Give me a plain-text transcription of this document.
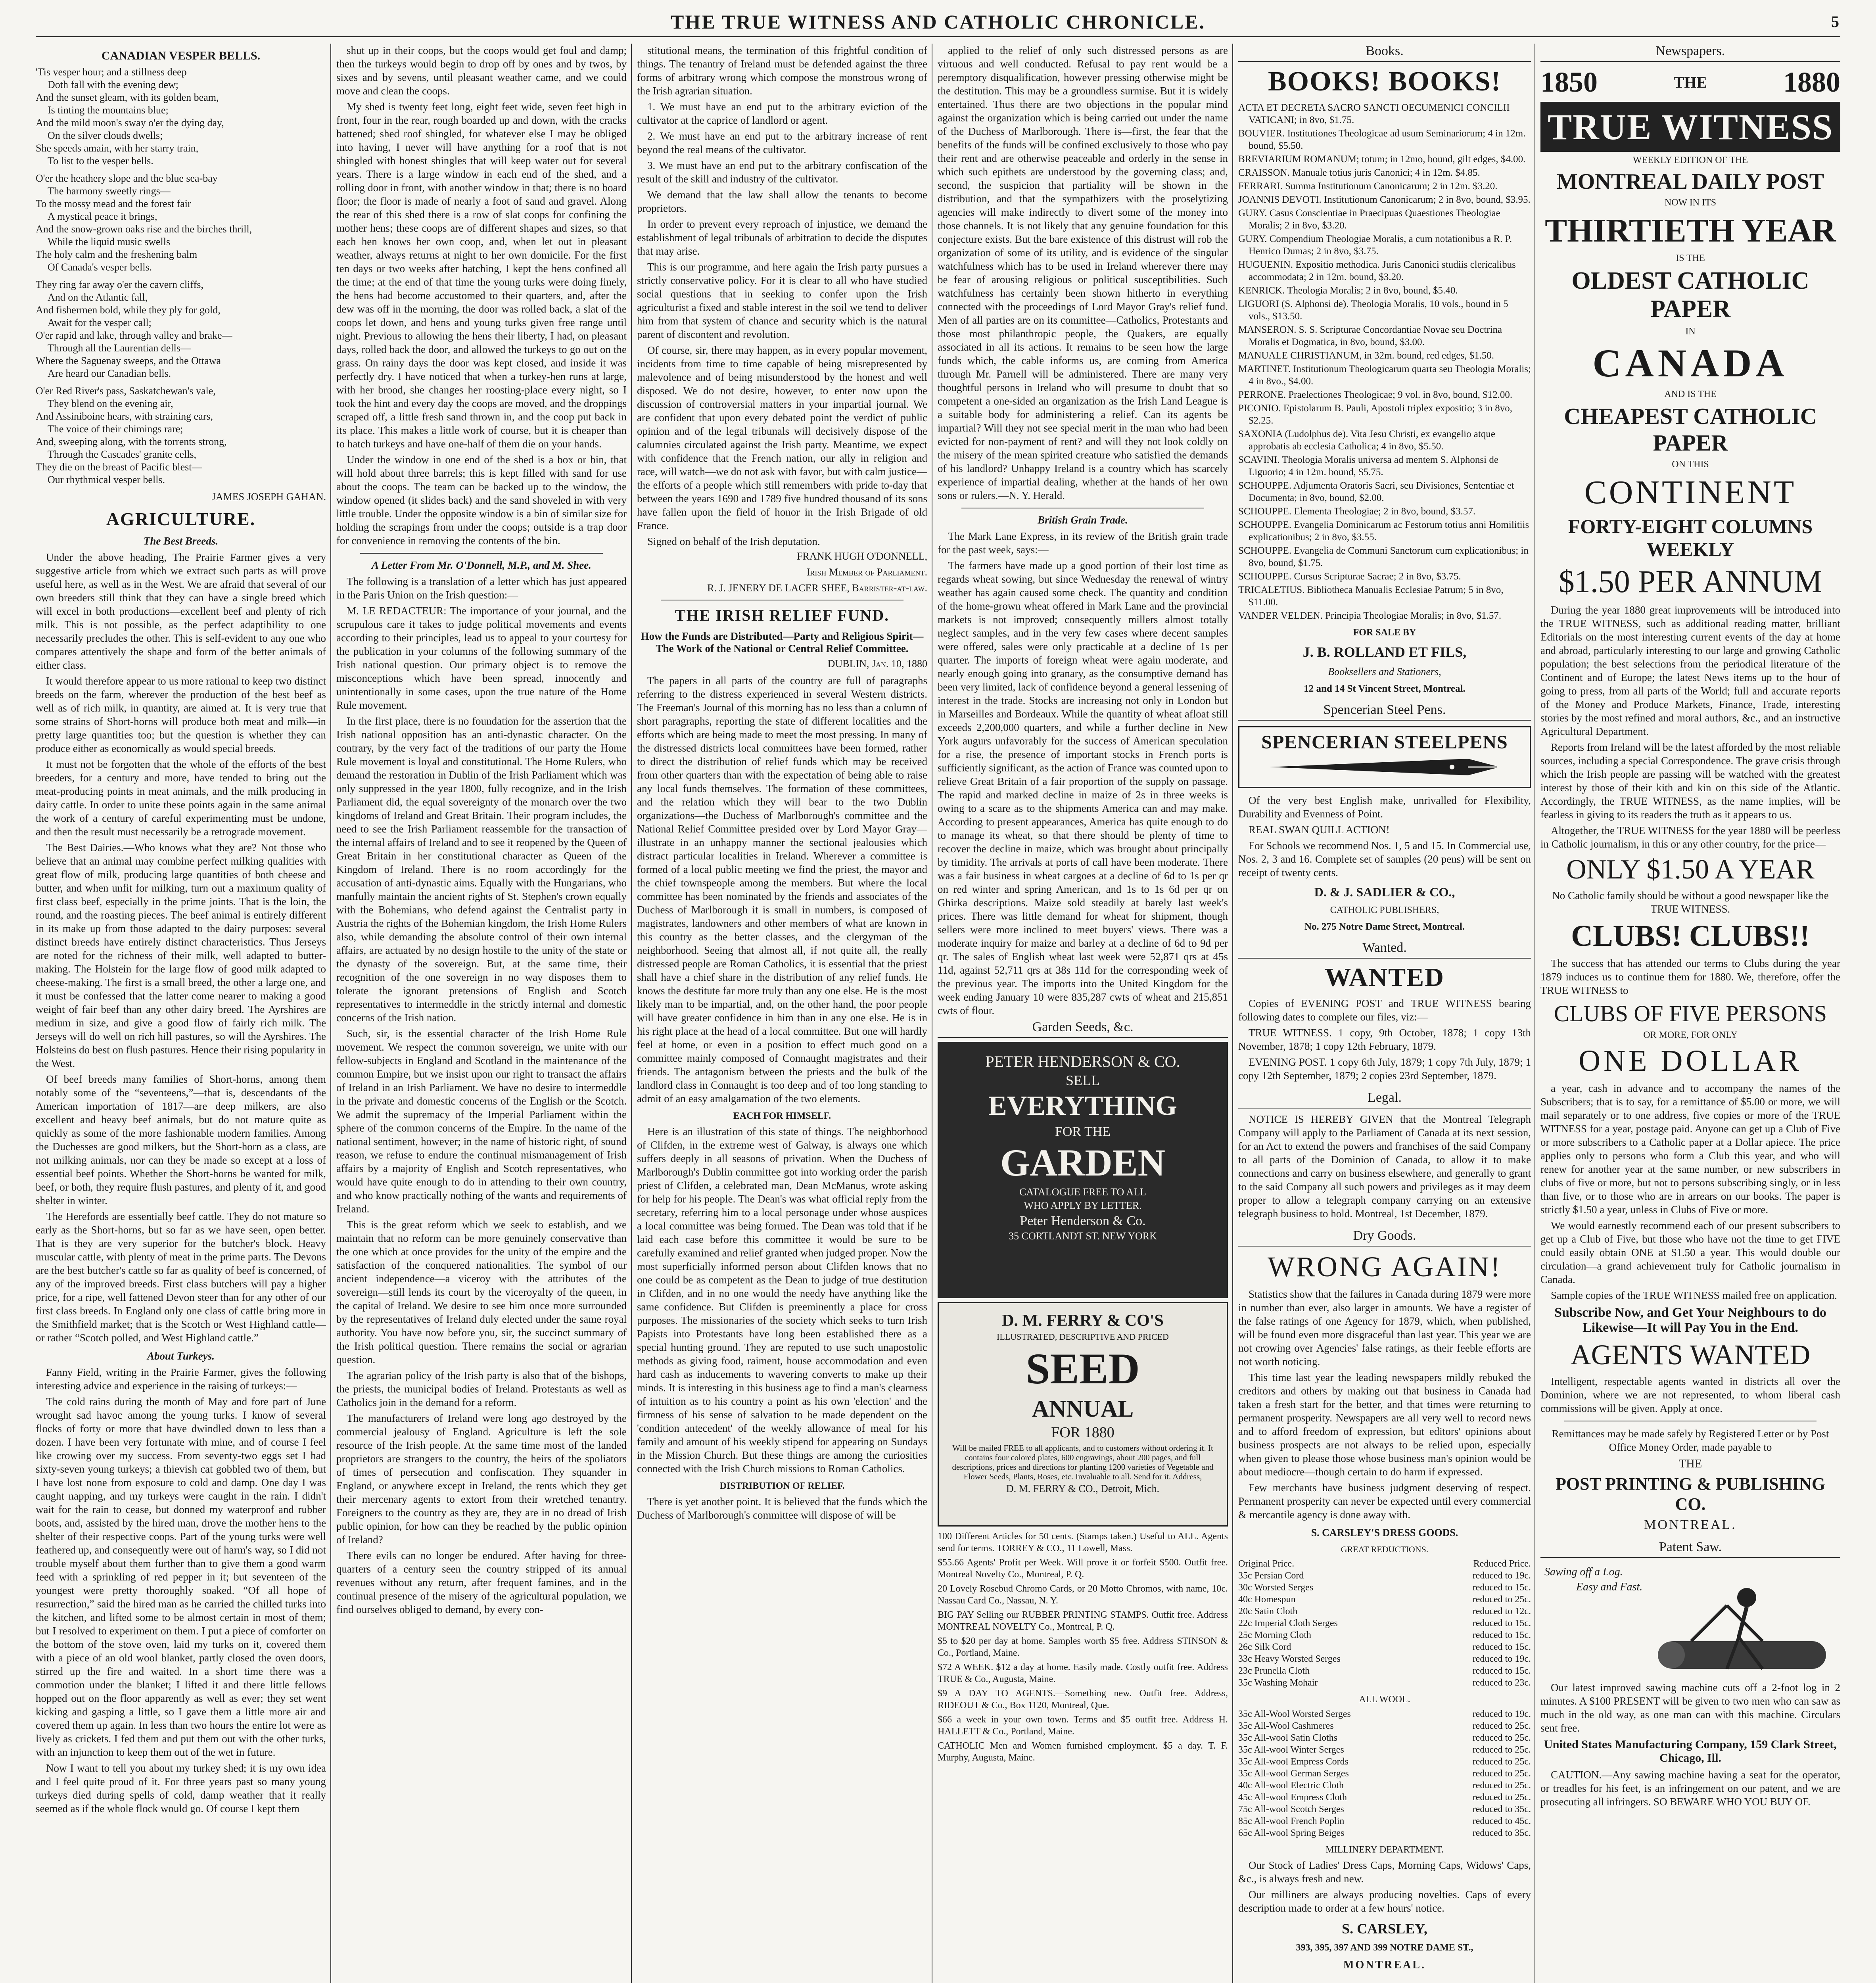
THE TRUE WITNESS AND CATHOLIC CHRONICLE.	5
CANADIAN VESPER BELLS.

'Tis vesper hour; and a stillness deep

Doth fall with the evening dew;

And the sunset gleam, with its golden beam,

Is tinting the mountains blue;

And the mild moon's sway o'er the dying day,

On the silver clouds dwells;

She speeds amain, with her starry train,

To list to the vesper bells.

O'er the heathery slope and the blue sea-bay

The harmony sweetly rings—

To the mossy mead and the forest fair

A mystical peace it brings,

And the snow-grown oaks rise and the birches thrill,

While the liquid music swells

The holy calm and the freshening balm

Of Canada's vesper bells.

They ring far away o'er the cavern cliffs,

And on the Atlantic fall,

And fishermen bold, while they ply for gold,

Await for the vesper call;

O'er rapid and lake, through valley and brake—

Through all the Laurentian dells—

Where the Saguenay sweeps, and the Ottawa

Are heard our Canadian bells.

O'er Red River's pass, Saskatchewan's vale,

They blend on the evening air,

And Assiniboine hears, with straining ears,

The voice of their chimings rare;

And, sweeping along, with the torrents strong,

Through the Cascades' granite cells,

They die on the breast of Pacific blest—

Our rhythmical vesper bells.

JAMES JOSEPH GAHAN.
AGRICULTURE.
The Best Breeds.

Under the above heading, The Prairie Farmer gives a very suggestive article from which we extract such parts as will prove useful here, as well as in the West. We are afraid that several of our own breeders still think that they can have a single breed which will excel in both productions—excellent beef and plenty of rich milk. This is not possible, as the perfect adaptibility to one necessarily precludes the other. This is self-evident to any one who compares attentively the shape and form of the better animals of either class.

It would therefore appear to us more rational to keep two distinct breeds on the farm, wherever the production of the best beef as well as of rich milk, in quantity, are aimed at. It is very true that some strains of Short-horns will produce both meat and milk—in pretty large quantities too; but the question is whether they can produce either as economically as would special breeds.

It must not be forgotten that the whole of the efforts of the best breeders, for a century and more, have tended to bring out the meat-producing points in meat animals, and the milk producing in dairy cattle. In order to unite these points again in the same animal the work of a century of careful experimenting must be undone, and then the result must necessarily be a retrograde movement.

The Best Dairies.—Who knows what they are? Not those who believe that an animal may combine perfect milking qualities with great flow of milk, producing large quantities of both cheese and butter, and when unfit for milking, turn out a maximum quality of first class beef, especially in the prime joints. That is the loin, the round, and the roasting pieces. The beef animal is entirely different in its make up from those adapted to the dairy purposes: several distinct breeds have entirely distinct characteristics. Thus Jerseys are noted for the richness of their milk, well adapted to butter-making. The Holstein for the large flow of good milk adapted to cheese-making. The first is a small breed, the other a large one, and it must be confessed that the latter come nearer to making a good weight of fair beef than any other dairy breed. The Ayrshires are medium in size, and give a good flow of fairly rich milk. The Jerseys will do well on rich hill pastures, so will the Ayrshires. The Holsteins do best on flush pastures. Hence their rising popularity in the West.

Of beef breeds many families of Short-horns, among them notably some of the “seventeens,”—that is, descendants of the American importation of 1817—are deep milkers, are also excellent and heavy beef animals, but do not mature quite as quickly as some of the more fashionable modern families. Among the Duchesses are good milkers, but the Short-horn as a class, are not milking animals, nor can they be made so except at a loss of essential beef points. Whether the Short-horns be wanted for milk, beef, or both, they require flush pastures, and plenty of it, and good shelter in winter.

The Herefords are essentially beef cattle. They do not mature so early as the Short-horns, but so far as we have seen, open better. That is they are very superior for the butcher's block. Heavy muscular cattle, with plenty of meat in the prime parts. The Devons are the best butcher's cattle so far as quality of beef is concerned, of any of the improved breeds. First class butchers will pay a higher price, for a ripe, well fattened Devon steer than for any other of our first class breeds. In England only one class of cattle bring more in the Smithfield market; that is the Scotch or West Highland cattle—or rather “Scotch polled, and West Highland cattle.”

About Turkeys.

Fanny Field, writing in the Prairie Farmer, gives the following interesting advice and experience in the raising of turkeys:—

The cold rains during the month of May and fore part of June wrought sad havoc among the young turks. I know of several flocks of forty or more that have dwindled down to less than a dozen. I have been very fortunate with mine, and of course I feel like crowing over my success. From seventy-two eggs set I had sixty-seven young turkeys; a thievish cat gobbled two of them, but I have lost none from exposure to cold and damp. One day I was caught napping, and my turkeys were caught in the rain. I didn't wait for the rain to cease, but donned my waterproof and rubber boots, and, assisted by the hired man, drove the mother hens to the shelter of their respective coops. Part of the young turks were well feathered up, and consequently were out of harm's way, so I did not trouble myself about them further than to give them a good warm feed with a sprinkling of red pepper in it; but seventeen of the youngest were pretty thoroughly soaked. “Of all hope of resurrection,” said the hired man as he carried the chilled turks into the kitchen, and lifted some to be almost certain in most of them; but I resolved to experiment on them. I put a piece of comforter on the bottom of the stove oven, laid my turks on it, covered them with a piece of an old wool blanket, partly closed the oven doors, stirred up the fire and waited. In a short time there was a commotion under the blanket; I lifted it and there little fellows hopped out on the floor apparently as well as ever; they set went kicking and gasping a little, so I gave them a little more air and covered them up again. In less than two hours the entire lot were as lively as crickets. I fed them and put them out with the other turks, with an injunction to keep them out of the wet in future.

Now I want to tell you about my turkey shed; it is my own idea and I feel quite proud of it. For three years past so many young turkeys died during spells of cold, damp weather that it really seemed as if the whole flock would go. Of course I kept them

shut up in their coops, but the coops would get foul and damp; then the turkeys would begin to drop off by ones and by twos, by sixes and by sevens, until pleasant weather came, and we could move and clean the coops.

My shed is twenty feet long, eight feet wide, seven feet high in front, four in the rear, rough boarded up and down, with the cracks battened; shed roof shingled, for whatever else I may be obliged into having, I never will have anything for a roof that is not shingled with honest shingles that will keep water out for several years. There is a large window in each end of the shed, and a rolling door in front, with another window in that; there is no board floor; the floor is made of nearly a foot of sand and gravel. Along the rear of this shed there is a row of slat coops for confining the mother hens; these coops are of different shapes and sizes, so that each hen knows her own coop, and, when let out in pleasant weather, always returns at night to her own domicile. For the first ten days or two weeks after hatching, I kept the hens confined all the time; at the end of that time the young turks were doing finely, the hens had become accustomed to their quarters, and, after the dew was off in the morning, the door was rolled back, a slat of the coops let down, and hens and young turks given free range until night. Previous to allowing the hens their liberty, I had, on pleasant days, rolled back the door, and allowed the turkeys to go out on the grass. On rainy days the door was kept closed, and inside it was perfectly dry. I have noticed that when a turkey-hen runs at large, with her brood, she changes her roosting-place every night, so I took the hint and every day the coops are moved, and the droppings scraped off, a little fresh sand thrown in, and the coop put back in its place. This makes a little work of course, but it is cheaper than to hatch turkeys and have one-half of them die on your hands.

Under the window in one end of the shed is a box or bin, that will hold about three barrels; this is kept filled with sand for use about the coops. The team can be backed up to the window, the window opened (it slides back) and the sand shoveled in with very little trouble. Under the opposite window is a bin of similar size for holding the scrapings from under the coops; outside is a trap door for convenience in removing the contents of the bin.

A Letter From Mr. O'Donnell, M.P., and M. Shee.

The following is a translation of a letter which has just appeared in the Paris Union on the Irish question:—

M. LE REDACTEUR: The importance of your journal, and the scrupulous care it takes to judge political movements and events according to their principles, lead us to appeal to your courtesy for the publication in your columns of the following summary of the Irish national question. Our primary object is to remove the misconceptions which have been spread, innocently and unintentionally in some cases, upon the true nature of the Home Rule movement.

In the first place, there is no foundation for the assertion that the Irish national opposition has an anti-dynastic character. On the contrary, by the very fact of the traditions of our party the Home Rule movement is loyal and constitutional. The Home Rulers, who demand the restoration in Dublin of the Irish Parliament which was only suppressed in the year 1800, fully recognize, and in the Irish Parliament did, the equal sovereignty of the monarch over the two kingdoms of Ireland and Great Britain. Their program includes, the need to see the Irish Parliament reassemble for the transaction of the internal affairs of Ireland and to see it reopened by the Queen of Great Britain in her constitutional character as Queen of the Kingdom of Ireland. There is no room accordingly for the accusation of anti-dynastic aims. Equally with the Hungarians, who manfully maintain the ancient rights of St. Stephen's crown equally with the Bohemians, who defend against the Centralist party in Austria the rights of the Bohemian kingdom, the Irish Home Rulers also, while demanding the absolute control of their own internal affairs, are actuated by no design hostile to the unity of the state or the dynasty of the sovereign. But, at the same time, their recognition of the one sovereign in no way disposes them to tolerate the ignorant pretensions of English and Scotch representatives to intermeddle in the strictly internal and domestic concerns of the Irish nation.

Such, sir, is the essential character of the Irish Home Rule movement. We respect the common sovereign, we unite with our fellow-subjects in England and Scotland in the maintenance of the common Empire, but we insist upon our right to transact the affairs of Ireland in an Irish Parliament. We have no desire to intermeddle in the private and domestic concerns of the English or the Scotch. We admit the supremacy of the Imperial Parliament within the sphere of the common concerns of the Empire. In the name of the national sentiment, however; in the name of historic right, of sound reason, we refuse to endure the continual mismanagement of Irish affairs by a majority of English and Scotch representatives, who would have quite enough to do in attending to their own country, and who know practically nothing of the wants and requirements of Ireland.

This is the great reform which we seek to establish, and we maintain that no reform can be more genuinely conservative than the one which at once provides for the unity of the empire and the satisfaction of the conquered nationalities. The symbol of our ancient independence—a viceroy with the attributes of the sovereign—still lends its court by the viceroyalty of the queen, in the capital of Ireland. We desire to see him once more surrounded by the representatives of Ireland duly elected under the same royal authority. You have now before you, sir, the succinct summary of the Irish political question. There remains the social or agrarian question.

The agrarian policy of the Irish party is also that of the bishops, the priests, the municipal bodies of Ireland. Protestants as well as Catholics join in the demand for a reform.

The manufacturers of Ireland were long ago destroyed by the commercial jealousy of England. Agriculture is left the sole resource of the Irish people. At the same time most of the landed proprietors are strangers to the country, the heirs of the spoliators of times of persecution and confiscation. They squander in England, or anywhere except in Ireland, the rents which they get their mercenary agents to extort from their wretched tenantry. Foreigners to the country as they are, they are in no dread of Irish public opinion, for how can they be reached by the public opinion of Ireland?

There evils can no longer be endured. After having for three-quarters of a century seen the country stripped of its annual revenues without any return, after frequent famines, and in the continual presence of the misery of the agricultural population, we find ourselves obliged to demand, by every con-

stitutional means, the termination of this frightful condition of things. The tenantry of Ireland must be defended against the three forms of arbitrary wrong which compose the monstrous wrong of the Irish agrarian situation.

1. We must have an end put to the arbitrary eviction of the cultivator at the caprice of landlord or agent.

2. We must have an end put to the arbitrary increase of rent beyond the real means of the cultivator.

3. We must have an end put to the arbitrary confiscation of the result of the skill and industry of the cultivator.

We demand that the law shall allow the tenants to become proprietors.

In order to prevent every reproach of injustice, we demand the establishment of legal tribunals of arbitration to decide the disputes that may arise.

This is our programme, and here again the Irish party pursues a strictly conservative policy. For it is clear to all who have studied social questions that in seeking to confer upon the Irish agriculturist a fixed and stable interest in the soil we tend to deliver him from that system of chance and security which is the natural parent of discontent and revolution.

Of course, sir, there may happen, as in every popular movement, incidents from time to time capable of being misrepresented by malevolence and of being misunderstood by the honest and well disposed. We do not desire, however, to enter now upon the discussion of controversial matters in your impartial journal. We are confident that upon every debated point the verdict of public opinion and of the legal tribunals will decisively dispose of the calumnies circulated against the Irish party. Meantime, we expect with confidence that the French nation, our ally in religion and race, will watch—we do not ask with favor, but with calm justice—the efforts of a people which still remembers with pride to-day that between the years 1690 and 1789 five hundred thousand of its sons have fallen upon the field of honor in the Irish Brigade of old France.

Signed on behalf of the Irish deputation.

FRANK HUGH O'DONNELL,
Irish Member of Parliament.
R. J. JENERY DE LACER SHEE, Barrister-at-law.
THE IRISH RELIEF FUND.
How the Funds are Distributed—Party and Religious Spirit—The Work of the National or Central Relief Committee.
DUBLIN, Jan. 10, 1880

The papers in all parts of the country are full of paragraphs referring to the distress experienced in several Western districts. The Freeman's Journal of this morning has no less than a column of short paragraphs, reporting the state of different localities and the efforts which are being made to meet the most pressing. In many of the distressed districts local committees have been formed, rather to direct the distribution of relief funds which may be received from other quarters than with the expectation of being able to raise any local funds themselves. The formation of these committees, and the relation which they will bear to the two Dublin organizations—the Duchess of Marlborough's committee and the National Relief Committee presided over by Lord Mayor Gray—illustrate in an unhappy manner the sectional jealousies which distract particular localities in Ireland. Wherever a committee is formed of a local public meeting we find the priest, the mayor and the chief townspeople among the members. But where the local committee has been nominated by the friends and associates of the Duchess of Marlborough it is small in numbers, is composed of magistrates, landowners and other members of what are known in this country as the better classes, and the clergyman of the neighborhood. Seeing that almost all, if not quite all, the really distressed people are Roman Catholics, it is essential that the priest shall have a chief share in the distribution of any relief funds. He knows the destitute far more truly than any one else. He is the most likely man to be impartial, and, on the other hand, the poor people will have greater confidence in him than in any one else. He is in his right place at the head of a local committee. But one will hardly feel at home, or even in a position to effect much good on a committee mainly composed of Connaught magistrates and their friends. The antagonism between the priests and the bulk of the landlord class in Connaught is too deep and of too long standing to admit of an easy amalgamation of the two elements.

EACH FOR HIMSELF.

Here is an illustration of this state of things. The neighborhood of Clifden, in the extreme west of Galway, is always one which suffers deeply in all seasons of privation. When the Duchess of Marlborough's Dublin committee got into working order the parish priest of Clifden, a celebrated man, Dean McManus, wrote asking for help for his people. The Dean's was what official reply from the secretary, referring him to a local personage under whose auspices a local committee was being formed. The Dean was told that if he laid each case before this committee it would be sure to be carefully examined and relief granted when judged proper. Now the most superficially informed person about Clifden knows that no one could be as competent as the Dean to judge of true destitution in Clifden, and in no one would the needy have anything like the same confidence. But Clifden is preeminently a place for cross purposes. The missionaries of the society which seeks to turn Irish Papists into Protestants have long been established there as a special hunting ground. They are reputed to use such unapostolic methods as giving food, raiment, house accommodation and even hard cash as inducements to wavering converts to make up their minds. It is interesting in this business age to find a man's clearness of intuition as to his country a point as his own 'election' and the firmness of his sense of salvation to be made dependent on the 'condition antecedent' of the weekly allowance of meal for his family and amount of his weekly stipend for appearing on Sundays in the Mission Church. But these things are among the curiosities connected with the Irish Church missions to Roman Catholics.

DISTRIBUTION OF RELIEF.

There is yet another point. It is believed that the funds which the Duchess of Marlborough's committee will dispose of will be

applied to the relief of only such distressed persons as are virtuous and well conducted. Refusal to pay rent would be a peremptory disqualification, however pressing otherwise might be the destitution. This may be a groundless surmise. But it is widely entertained. Thus there are two objections in the popular mind against the organization which is being carried out under the name of the Duchess of Marlborough. There is—first, the fear that the benefits of the funds will be confined exclusively to those who pay their rent and are otherwise peaceable and orderly in the sense in which such epithets are understood by the governing class; and, second, the suspicion that partiality will be shown in the distribution, and that the sympathizers with the proselytizing agencies will make indirectly to divert some of the money into those channels. It is not likely that any genuine foundation for this conjecture exists. But the bare existence of this distrust will rob the organization of some of its utility, and is evidence of the singular watchfulness which has to be used in Ireland wherever there may be fear of arousing religious or political susceptibilities. Such watchfulness has certainly been shown hitherto in everything connected with the proceedings of Lord Mayor Gray's relief fund. Men of all parties are on its committee—Catholics, Protestants and those most philanthropic people, the Quakers, are equally associated in all its actions. It remains to be seen how the large funds which, the cable informs us, are coming from America through Mr. Parnell will be administered. There are many very thoughtful persons in Ireland who will presume to doubt that so competent a one-sided an organization as the Irish Land League is a suitable body for administering a relief. Can its agents be impartial? Will they not see special merit in the man who had been evicted for non-payment of rent? and will they not look coldly on the misery of the mean spirited creature who satisfied the demands of his landlord? Unhappy Ireland is a country which has scarcely experience of impartial dealing, whether at the hands of her own sons or rulers.—N. Y. Herald.

British Grain Trade.

The Mark Lane Express, in its review of the British grain trade for the past week, says:—

The farmers have made up a good portion of their lost time as regards wheat sowing, but since Wednesday the renewal of wintry weather has again caused some check. The quantity and condition of the home-grown wheat offered in Mark Lane and the provincial markets is not improved; consequently millers almost totally neglect samples, and in the very few cases where decent samples were offered, sales were only practicable at a decline of 1s per quarter. The imports of foreign wheat were again moderate, and nearly enough going into granary, as the consumptive demand has been very limited, lack of confidence beyond a general lessening of interest in the trade. Stocks are increasing not only in London but in Marseilles and Bordeaux. While the quantity of wheat afloat still exceeds 2,200,000 quarters, and while a further decline in New York augurs unfavorably for the success of American speculation for a rise, the presence of important stocks in French ports is sufficiently significant, as the action of France was counted upon to relieve Great Britain of a fair proportion of the supply on passage. The rapid and marked decline in maize of 2s in three weeks is owing to a scare as to the shipments America can and may make. According to present appearances, America has quite enough to do to manage its wheat, so that there should be plenty of time to recover the decline in maize, which was brought about principally by timidity. The arrivals at ports of call have been moderate. There was a fair business in wheat cargoes at a decline of 6d to 1s per qr on red winter and spring American, and 1s to 1s 6d per qr on Ghirka descriptions. Maize sold steadily at barely last week's prices. There was little demand for wheat for shipment, though sellers were more inclined to meet buyers' views. There was a moderate inquiry for maize and barley at a decline of 6d to 9d per qr. The sales of English wheat last week were 52,871 qrs at 45s 11d, against 52,711 qrs at 38s 11d for the corresponding week of the previous year. The imports into the United Kingdom for the week ending January 10 were 835,287 cwts of wheat and 215,851 cwts of flour.

Garden Seeds, &c.
PETER HENDERSON & CO.
SELL
EVERYTHING
FOR THE
GARDEN
CATALOGUE FREE TO ALL
WHO APPLY BY LETTER.
Peter Henderson & Co.
35 CORTLANDT ST. NEW YORK
D. M. FERRY & CO'S
ILLUSTRATED, DESCRIPTIVE AND PRICED
SEED
ANNUAL
FOR 1880
Will be mailed FREE to all applicants, and to customers without ordering it. It contains four colored plates, 600 engravings, about 200 pages, and full descriptions, prices and directions for planting 1200 varieties of Vegetable and Flower Seeds, Plants, Roses, etc. Invaluable to all. Send for it. Address,
D. M. FERRY & CO., Detroit, Mich.

100 Different Articles for 50 cents. (Stamps taken.) Useful to ALL. Agents send for terms. TORREY & CO., 11 Lowell, Mass.

$55.66 Agents' Profit per Week. Will prove it or forfeit $500. Outfit free. Montreal Novelty Co., Montreal, P. Q.

20 Lovely Rosebud Chromo Cards, or 20 Motto Chromos, with name, 10c. Nassau Card Co., Nassau, N. Y.

BIG PAY Selling our RUBBER PRINTING STAMPS. Outfit free. Address MONTREAL NOVELTY Co., Montreal, P. Q.

$5 to $20 per day at home. Samples worth $5 free. Address STINSON & Co., Portland, Maine.

$72 A WEEK. $12 a day at home. Easily made. Costly outfit free. Address TRUE & Co., Augusta, Maine.

$9 A DAY TO AGENTS.—Something new. Outfit free. Address, RIDEOUT & Co., Box 1120, Montreal, Que.

$66 a week in your own town. Terms and $5 outfit free. Address H. HALLETT & Co., Portland, Maine.

CATHOLIC Men and Women furnished employment. $5 a day. T. F. Murphy, Augusta, Maine.

Books.
BOOKS! BOOKS!

ACTA ET DECRETA SACRO SANCTI OECUMENICI CONCILII VATICANI; in 8vo, $1.75.

BOUVIER. Institutiones Theologicae ad usum Seminariorum; 4 in 12m. bound, $5.50.

BREVIARIUM ROMANUM; totum; in 12mo, bound, gilt edges, $4.00.

CRAISSON. Manuale totius juris Canonici; 4 in 12m. $4.85.

FERRARI. Summa Institutionum Canonicarum; 2 in 12m. $3.20.

JOANNIS DEVOTI. Institutionum Canonicarum; 2 in 8vo, bound, $3.95.

GURY. Casus Conscientiae in Praecipuas Quaestiones Theologiae Moralis; 2 in 8vo, $3.20.

GURY. Compendium Theologiae Moralis, a cum notationibus a R. P. Henrico Dumas; 2 in 8vo, $3.75.

HUGUENIN. Expositio methodica. Juris Canonici studiis clericalibus accommodata; 2 in 12m. bound, $3.20.

KENRICK. Theologia Moralis; 2 in 8vo, bound, $5.40.

LIGUORI (S. Alphonsi de). Theologia Moralis, 10 vols., bound in 5 vols., $13.50.

MANSERON. S. S. Scripturae Concordantiae Novae seu Doctrina Moralis et Dogmatica, in 8vo, bound, $3.00.

MANUALE CHRISTIANUM, in 32m. bound, red edges, $1.50.

MARTINET. Institutionum Theologicarum quarta seu Theologia Moralis; 4 in 8vo., $4.00.

PERRONE. Praelectiones Theologicae; 9 vol. in 8vo, bound, $12.00.

PICONIO. Epistolarum B. Pauli, Apostoli triplex expositio; 3 in 8vo, $2.25.

SAXONIA (Ludolphus de). Vita Jesu Christi, ex evangelio atque approbatis ab ecclesia Catholica; 4 in 8vo, $5.50.

SCAVINI. Theologia Moralis universa ad mentem S. Alphonsi de Liguorio; 4 in 12m. bound, $5.75.

SCHOUPPE. Adjumenta Oratoris Sacri, seu Divisiones, Sententiae et Documenta; in 8vo, bound, $2.00.

SCHOUPPE. Elementa Theologiae; 2 in 8vo, bound, $3.57.

SCHOUPPE. Evangelia Dominicarum ac Festorum totius anni Homilitiis explicationibus; 2 in 8vo, $3.55.

SCHOUPPE. Evangelia de Communi Sanctorum cum explicationibus; in 8vo, bound, $1.75.

SCHOUPPE. Cursus Scripturae Sacrae; 2 in 8vo, $3.75.

TRICALETIUS. Bibliotheca Manualis Ecclesiae Patrum; 5 in 8vo, $11.00.

VANDER VELDEN. Principia Theologiae Moralis; in 8vo, $1.57.

FOR SALE BY
J. B. ROLLAND ET FILS,
Booksellers and Stationers,
12 and 14 St Vincent Street, Montreal.
Spencerian Steel Pens.
SPENCERIAN STEELPENS

Of the very best English make, unrivalled for Flexibility, Durability and Evenness of Point.

REAL SWAN QUILL ACTION!

For Schools we recommend Nos. 1, 5 and 15. In Commercial use, Nos. 2, 3 and 16. Complete set of samples (20 pens) will be sent on receipt of twenty cents.

D. & J. SADLIER & CO.,
CATHOLIC PUBLISHERS,
No. 275 Notre Dame Street, Montreal.
Wanted.
WANTED

Copies of EVENING POST and TRUE WITNESS bearing following dates to complete our files, viz:—

TRUE WITNESS. 1 copy, 9th October, 1878; 1 copy 13th November, 1878; 1 copy 12th February, 1879.

EVENING POST. 1 copy 6th July, 1879; 1 copy 7th July, 1879; 1 copy 12th September, 1879; 2 copies 23rd September, 1879.

Legal.

NOTICE IS HEREBY GIVEN that the Montreal Telegraph Company will apply to the Parliament of Canada at its next session, for an Act to extend the powers and franchises of the said Company to all parts of the Dominion of Canada, to allow it to make connections and carry on business elsewhere, and generally to grant to the said Company all such powers and privileges as it may deem proper to allow a telegraph company carrying on an extensive telegraph business to hold. Montreal, 1st December, 1879.

Dry Goods.
WRONG AGAIN!

Statistics show that the failures in Canada during 1879 were more in number than ever, also larger in amounts. We have a register of the false ratings of one Agency for 1879, which, when published, will be found even more disgraceful than last year. This year we are not crowing over Agencies' false ratings, as their feeble efforts are not worth noticing.

This time last year the leading newspapers mildly rebuked the creditors and others by making out that business in Canada had taken a fresh start for the better, and that times were returning to permanent prosperity. Newspapers are all very well to record news and to afford freedom of expression, but editors' opinions about business prospects are not always to be relied upon, especially when given to please those whose business man's opinion would be about mediocre—though certain to do harm if expressed.

Few merchants have business judgment deserving of respect. Permanent prosperity can never be expected until every commercial & mercantile agency is done away with.

S. CARSLEY'S DRESS GOODS.
GREAT REDUCTIONS.
Original Price.	Reduced Price.
35c Persian Cord	reduced to 19c.
30c Worsted Serges	reduced to 15c.
40c Homespun	reduced to 25c.
20c Satin Cloth	reduced to 12c.
22c Imperial Cloth Serges	reduced to 15c.
25c Morning Cloth	reduced to 15c.
26c Silk Cord	reduced to 15c.
33c Heavy Worsted Serges	reduced to 19c.
23c Prunella Cloth	reduced to 15c.
35c Washing Mohair	reduced to 23c.
ALL WOOL.
35c All-Wool Worsted Serges	reduced to 19c.
35c All-Wool Cashmeres	reduced to 25c.
35c All-wool Satin Cloths	reduced to 25c.
35c All-wool Winter Serges	reduced to 25c.
35c All-wool Empress Cords	reduced to 25c.
35c All-wool German Serges	reduced to 25c.
40c All-wool Electric Cloth	reduced to 25c.
45c All-wool Empress Cloth	reduced to 25c.
75c All-wool Scotch Serges	reduced to 35c.
85c All-wool French Poplin	reduced to 45c.
65c All-wool Spring Beiges	reduced to 35c.
MILLINERY DEPARTMENT.

Our Stock of Ladies' Dress Caps, Morning Caps, Widows' Caps, &c., is always fresh and new.

Our milliners are always producing novelties. Caps of every description made to order at a few hours' notice.

S. CARSLEY,
393, 395, 397 AND 399 NOTRE DAME ST.,
MONTREAL.
Newspapers.
1850	THE	1880
TRUE WITNESS
WEEKLY EDITION OF THE
MONTREAL DAILY POST
NOW IN ITS
THIRTIETH YEAR
IS THE
OLDEST CATHOLIC PAPER
IN
CANADA
AND IS THE
CHEAPEST CATHOLIC PAPER
ON THIS
CONTINENT
FORTY-EIGHT COLUMNS WEEKLY
$1.50 PER ANNUM

During the year 1880 great improvements will be introduced into the TRUE WITNESS, such as additional reading matter, brilliant Editorials on the most interesting current events of the day at home and abroad, particularly interesting to our large and growing Catholic population; the best selections from the periodical literature of the Continent and of Europe; the latest News items up to the hour of going to press, from all parts of the World; full and accurate reports of the Money and Produce Markets, Finance, Trade, interesting stories by the most refined and moral authors, &c., and an instructive Agricultural Department.

Reports from Ireland will be the latest afforded by the most reliable sources, including a special Correspondence. The grave crisis through which the Irish people are passing will be watched with the greatest interest by those of their kith and kin on this side of the Atlantic. Accordingly, the TRUE WITNESS, as the name implies, will be fearless in giving to its readers the truth as it appears to us.

Altogether, the TRUE WITNESS for the year 1880 will be peerless in Catholic journalism, in this or any other country, for the price—

ONLY $1.50 A YEAR

No Catholic family should be without a good newspaper like the TRUE WITNESS.

CLUBS! CLUBS!!

The success that has attended our terms to Clubs during the year 1879 induces us to continue them for 1880. We, therefore, offer the TRUE WITNESS to

CLUBS OF FIVE PERSONS
OR MORE, FOR ONLY
ONE DOLLAR

a year, cash in advance and to accompany the names of the Subscribers; that is to say, for a remittance of $5.00 or more, we will mail separately or to one address, five copies or more of the TRUE WITNESS for a year, postage paid. Anyone can get up a Club of Five or more subscribers to a Catholic paper at a Dollar apiece. The price applies only to persons who form a Club this year, and who will renew for another year at the same number, or new subscribers in clubs of five or more, but not to persons subscribing singly, or in less than five, or to those who are in arrears on our books. The paper is strictly $1.50 a year, unless in Clubs of Five or more.

We would earnestly recommend each of our present subscribers to get up a Club of Five, but those who have not the time to get FIVE could easily obtain ONE at $1.50 a year. This would double our circulation—a grand achievement truly for Catholic journalism in Canada.

Sample copies of the TRUE WITNESS mailed free on application.

Subscribe Now, and Get Your Neighbours to do Likewise—It will Pay You in the End.
AGENTS WANTED

Intelligent, respectable agents wanted in districts all over the Dominion, where we are not represented, to whom liberal cash commissions will be given. Apply at once.

Remittances may be made safely by Registered Letter or by Post Office Money Order, made payable to

THE
POST PRINTING & PUBLISHING CO.
MONTREAL.
Patent Saw.
Sawing off a Log.
Easy and Fast.

Our latest improved sawing machine cuts off a 2-foot log in 2 minutes. A $100 PRESENT will be given to two men who can saw as much in the old way, as one man can with this machine. Circulars sent free.

United States Manufacturing Company, 159 Clark Street, Chicago, Ill.

CAUTION.—Any sawing machine having a seat for the operator, or treadles for his feet, is an infringement on our patent, and we are prosecuting all infringers. SO BEWARE WHO YOU BUY OF.
